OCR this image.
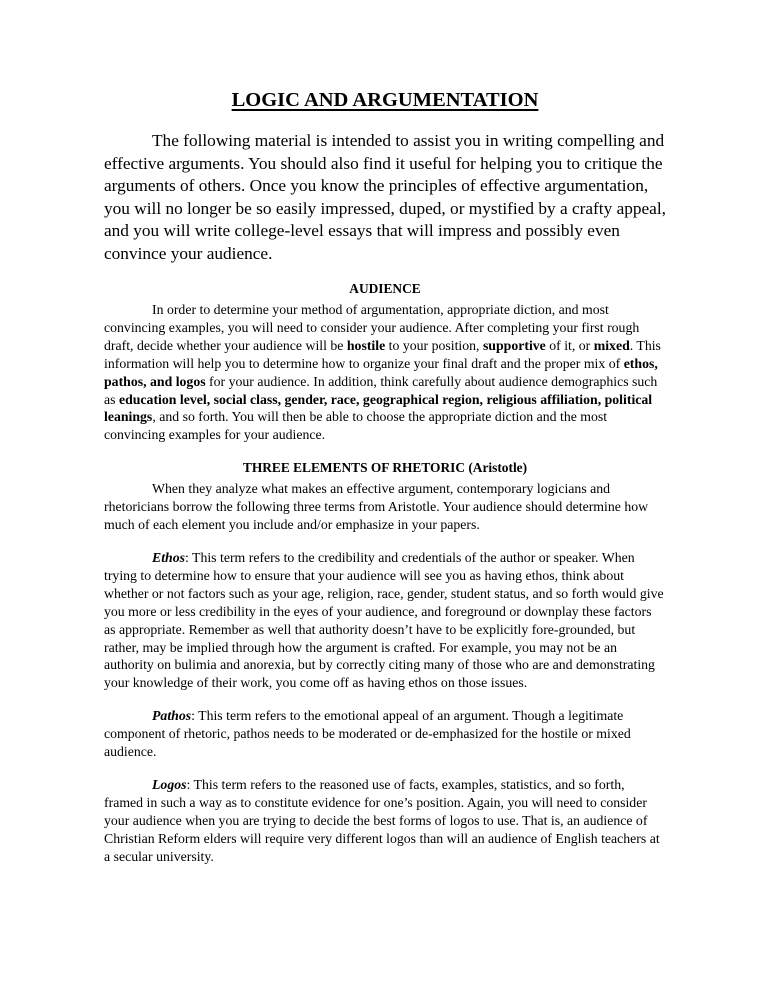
LOGIC AND ARGUMENTATION

The following material is intended to assist you in writing compelling and effective arguments. You should also find it useful for helping you to critique the arguments of others. Once you know the principles of effective argumentation, you will no longer be so easily impressed, duped, or mystified by a crafty appeal, and you will write college-level essays that will impress and possibly even convince your audience.

AUDIENCE

In order to determine your method of argumentation, appropriate diction, and most convincing examples, you will need to consider your audience. After completing your first rough draft, decide whether your audience will be hostile to your position, supportive of it, or mixed. This information will help you to determine how to organize your final draft and the proper mix of ethos, pathos, and logos for your audience. In addition, think carefully about audience demographics such as education level, social class, gender, race, geographical region, religious affiliation, political leanings, and so forth. You will then be able to choose the appropriate diction and the most convincing examples for your audience.

THREE ELEMENTS OF RHETORIC (Aristotle)

When they analyze what makes an effective argument, contemporary logicians and rhetoricians borrow the following three terms from Aristotle. Your audience should determine how much of each element you include and/or emphasize in your papers.

Ethos: This term refers to the credibility and credentials of the author or speaker. When trying to determine how to ensure that your audience will see you as having ethos, think about whether or not factors such as your age, religion, race, gender, student status, and so forth would give you more or less credibility in the eyes of your audience, and foreground or downplay these factors as appropriate. Remember as well that authority doesn’t have to be explicitly fore-grounded, but rather, may be implied through how the argument is crafted. For example, you may not be an authority on bulimia and anorexia, but by correctly citing many of those who are and demonstrating your knowledge of their work, you come off as having ethos on those issues.

Pathos: This term refers to the emotional appeal of an argument. Though a legitimate component of rhetoric, pathos needs to be moderated or de-emphasized for the hostile or mixed audience.

Logos: This term refers to the reasoned use of facts, examples, statistics, and so forth, framed in such a way as to constitute evidence for one’s position. Again, you will need to consider your audience when you are trying to decide the best forms of logos to use. That is, an audience of Christian Reform elders will require very different logos than will an audience of English teachers at a secular university.
